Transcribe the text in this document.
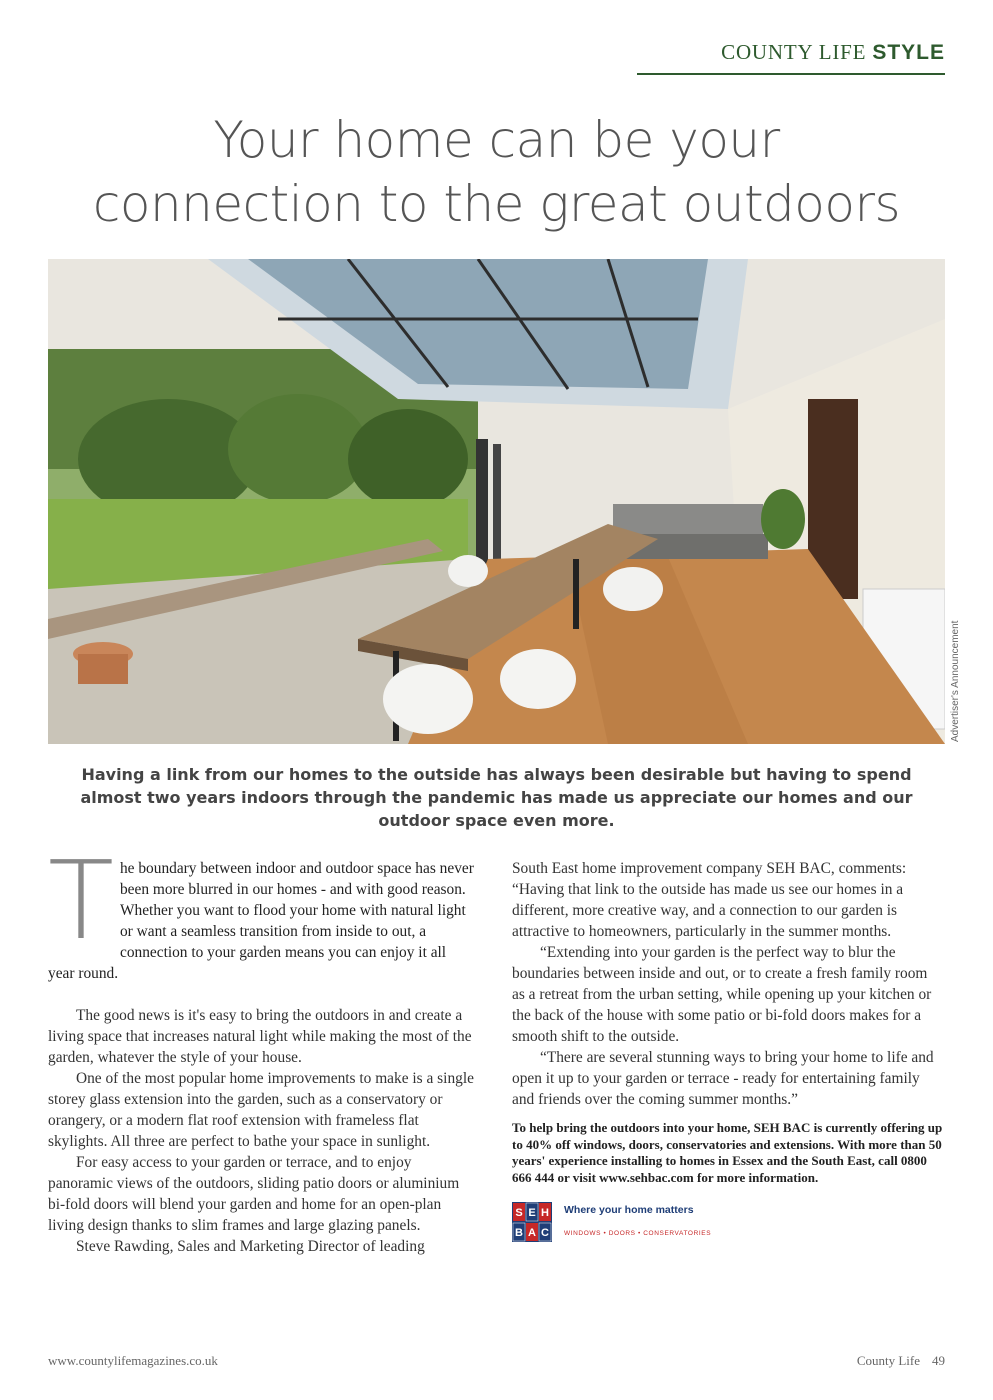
COUNTY LIFE STYLE
Your home can be your
connection to the great outdoors
Advertiser's Announcement

Having a link from our homes to the outside has always been desirable but having to spend almost two years indoors through the pandemic has made us appreciate our homes and our outdoor space even more.

The boundary between indoor and outdoor space has never been more blurred in our homes - and with good reason. Whether you want to flood your home with natural light or want a seamless transition from inside to out, a connection to your garden means you can enjoy it all year round.

The good news is it's easy to bring the outdoors in and create a living space that increases natural light while making the most of the garden, whatever the style of your house.

One of the most popular home improvements to make is a single storey glass extension into the garden, such as a conservatory or orangery, or a modern flat roof extension with frameless flat skylights. All three are perfect to bathe your space in sunlight.

For easy access to your garden or terrace, and to enjoy panoramic views of the outdoors, sliding patio doors or aluminium bi-fold doors will blend your garden and home for an open-plan living design thanks to slim frames and large glazing panels.

Steve Rawding, Sales and Marketing Director of leading

South East home improvement company SEH BAC, comments: “Having that link to the outside has made us see our homes in a different, more creative way, and a connection to our garden is attractive to homeowners, particularly in the summer months.

“Extending into your garden is the perfect way to blur the boundaries between inside and out, or to create a fresh family room as a retreat from the urban setting, while opening up your kitchen or the back of the house with some patio or bi-fold doors makes for a smooth shift to the outside.

“There are several stunning ways to bring your home to life and open it up to your garden or terrace - ready for entertaining family and friends over the coming summer months.”

To help bring the outdoors into your home, SEH BAC is currently offering up to 40% off windows, doors, conservatories and extensions. With more than 50 years' experience installing to homes in Essex and the South East, call 0800 666 444 or visit www.sehbac.com for more information.

S E H
B A C
Where your home matters
WINDOWS • DOORS • CONSERVATORIES
www.countylifemagazines.co.uk	County Life 49
